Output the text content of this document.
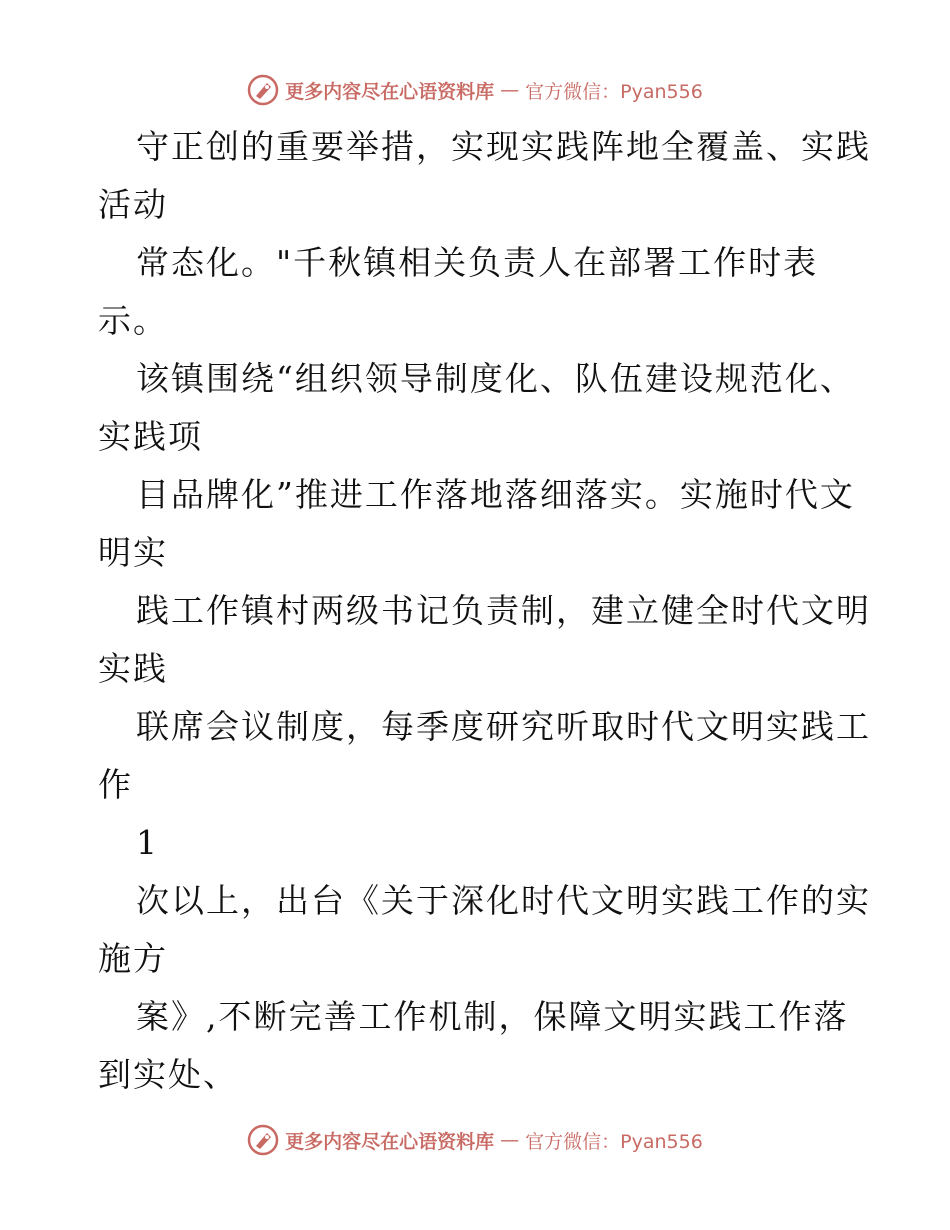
更多内容尽在心语资料库 — 官方微信：Pyan556
守正创的重要举措，实现实践阵地全覆盖、实践
活动
常态化。"千秋镇相关负责人在部署工作时表
示。
该镇围绕“组织领导制度化、队伍建设规范化、
实践项
目品牌化”推进工作落地落细落实。实施时代文
明实
践工作镇村两级书记负责制，建立健全时代文明
实践
联席会议制度，每季度研究听取时代文明实践工
作
1
次以上，出台《关于深化时代文明实践工作的实
施方
案》,不断完善工作机制，保障文明实践工作落
到实处、
更多内容尽在心语资料库 — 官方微信：Pyan556
